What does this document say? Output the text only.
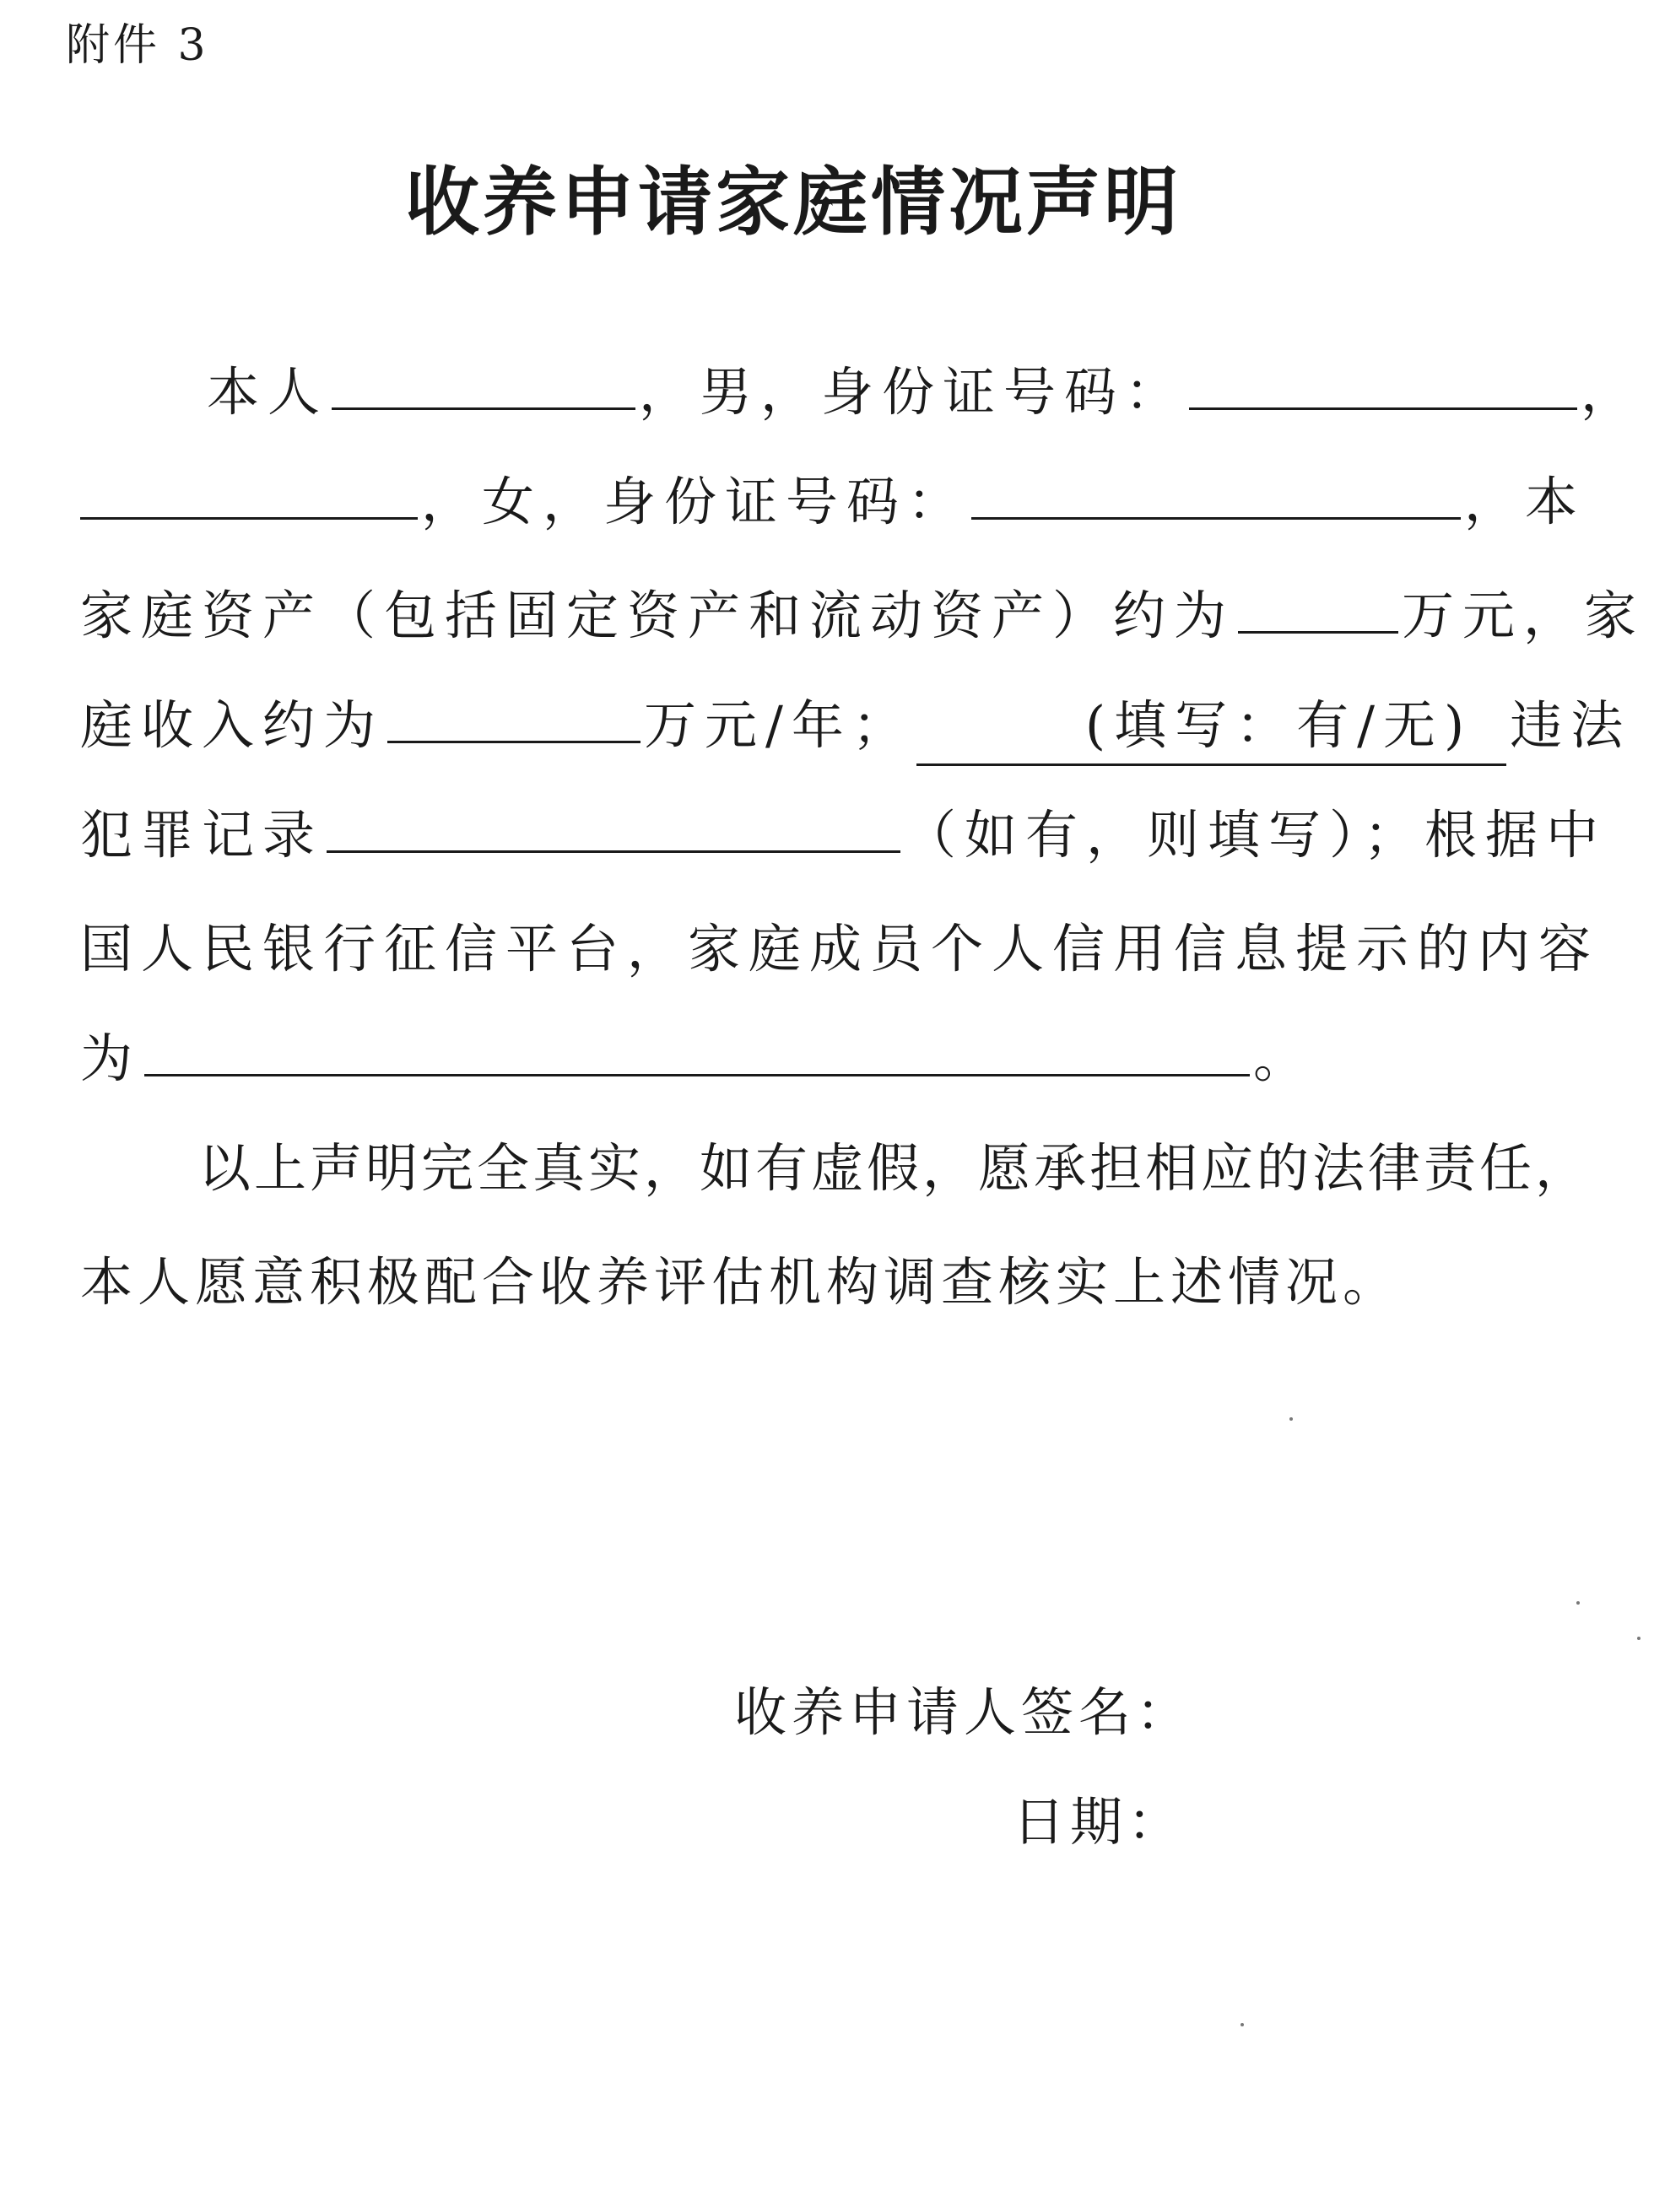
附件 3
收养申请家庭情况声明
本人	，男，身份证号码：	，
，女，身份证号码：	，本
家庭资产（包括固定资产和流动资产）约为	万元，家
庭收入约为	万元/年；	(填写：有/无) 违法
犯罪记录	（如有，则填写）；根据中
国人民银行征信平台，家庭成员个人信用信息提示的内容
为	。
以上声明完全真实，如有虚假，愿承担相应的法律责任，
本人愿意积极配合收养评估机构调查核实上述情况。
收养申请人签名：
日期：
